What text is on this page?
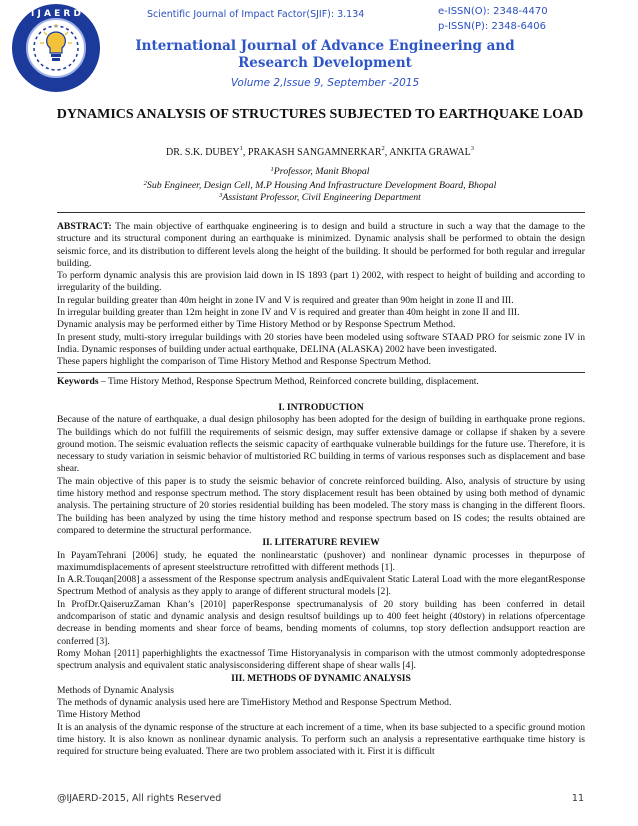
I J A E R D	Scientific Journal of Impact Factor(SJIF): 3.134	e-ISSN(O): 2348-4470
p-ISSN(P): 2348-6406
International Journal of Advance Engineering and Research Development
Volume 2,Issue 9, September -2015
DYNAMICS ANALYSIS OF STRUCTURES SUBJECTED TO EARTHQUAKE LOAD
DR. S.K. DUBEY$^1$, PRAKASH SANGAMNERKAR$^2$, ANKITA GRAWAL$^3$
$^1$Professor, Manit Bhopal
$^2$Sub Engineer, Design Cell, M.P Housing And Infrastructure Development Board, Bhopal
$^3$Assistant Professor, Civil Engineering Department

ABSTRACT: The main objective of earthquake engineering is to design and build a structure in such a way that the damage to the structure and its structural component during an earthquake is minimized. Dynamic analysis shall be performed to obtain the design seismic force, and its distribution to different levels along the height of the building. It should be performed for both regular and irregular building.

To perform dynamic analysis this are provision laid down in IS 1893 (part 1) 2002, with respect to height of building and according to irregularity of the building.

In regular building greater than 40m height in zone IV and V is required and greater than 90m height in zone II and III.

In irregular building greater than 12m height in zone IV and V is required and greater than 40m height in zone II and III.

Dynamic analysis may be performed either by Time History Method or by Response Spectrum Method.

In present study, multi-story irregular buildings with 20 stories have been modeled using software STAAD PRO for seismic zone IV in India. Dynamic responses of building under actual earthquake, DELINA (ALASKA) 2002 have been investigated.

These papers highlight the comparison of Time History Method and Response Spectrum Method.

Keywords – Time History Method, Response Spectrum Method, Reinforced concrete building, displacement.

I. INTRODUCTION

Because of the nature of earthquake, a dual design philosophy has been adopted for the design of building in earthquake prone regions. The buildings which do not fulfill the requirements of seismic design, may suffer extensive damage or collapse if shaken by a severe ground motion. The seismic evaluation reflects the seismic capacity of earthquake vulnerable buildings for the future use. Therefore, it is necessary to study variation in seismic behavior of multistoried RC building in terms of various responses such as displacement and base shear.

The main objective of this paper is to study the seismic behavior of concrete reinforced building. Also, analysis of structure by using time history method and response spectrum method. The story displacement result has been obtained by using both method of dynamic analysis. The pertaining structure of 20 stories residential building has been modeled. The story mass is changing in the different floors. The building has been analyzed by using the time history method and response spectrum based on IS codes; the results obtained are compared to determine the structural performance.

II. LITERATURE REVIEW

In PayamTehrani [2006] study, he equated the nonlinearstatic (pushover) and nonlinear dynamic processes in thepurpose of maximumdisplacements of apresent steelstructure retrofitted with different methods [1].

In A.R.Touqan[2008] a assessment of the Response spectrum analysis andEquivalent Static Lateral Load with the more elegantResponse Spectrum Method of analysis as they apply to arange of different structural models [2].

In ProfDr.QaiseruzZaman Khan’s [2010] paperResponse spectrumanalysis of 20 story building has been conferred in detail andcomparison of static and dynamic analysis and design resultsof buildings up to 400 feet height (40story) in relations ofpercentage decrease in bending moments and shear force of beams, bending moments of columns, top story deflection andsupport reaction are conferred [3].

Romy Mohan [2011] paperhighlights the exactnessof Time Historyanalysis in comparison with the utmost commonly adoptedresponse spectrum analysis and equivalent static analysisconsidering different shape of shear walls [4].

III. METHODS OF DYNAMIC ANALYSIS

Methods of Dynamic Analysis

The methods of dynamic analysis used here are TimeHistory Method and Response Spectrum Method.

Time History Method

It is an analysis of the dynamic response of the structure at each increment of a time, when its base subjected to a specific ground motion time history. It is also known as nonlinear dynamic analysis. To perform such an analysis a representative earthquake time history is required for structure being evaluated. There are two problem associated with it. First it is difficult

@IJAERD-2015, All rights Reserved	11
